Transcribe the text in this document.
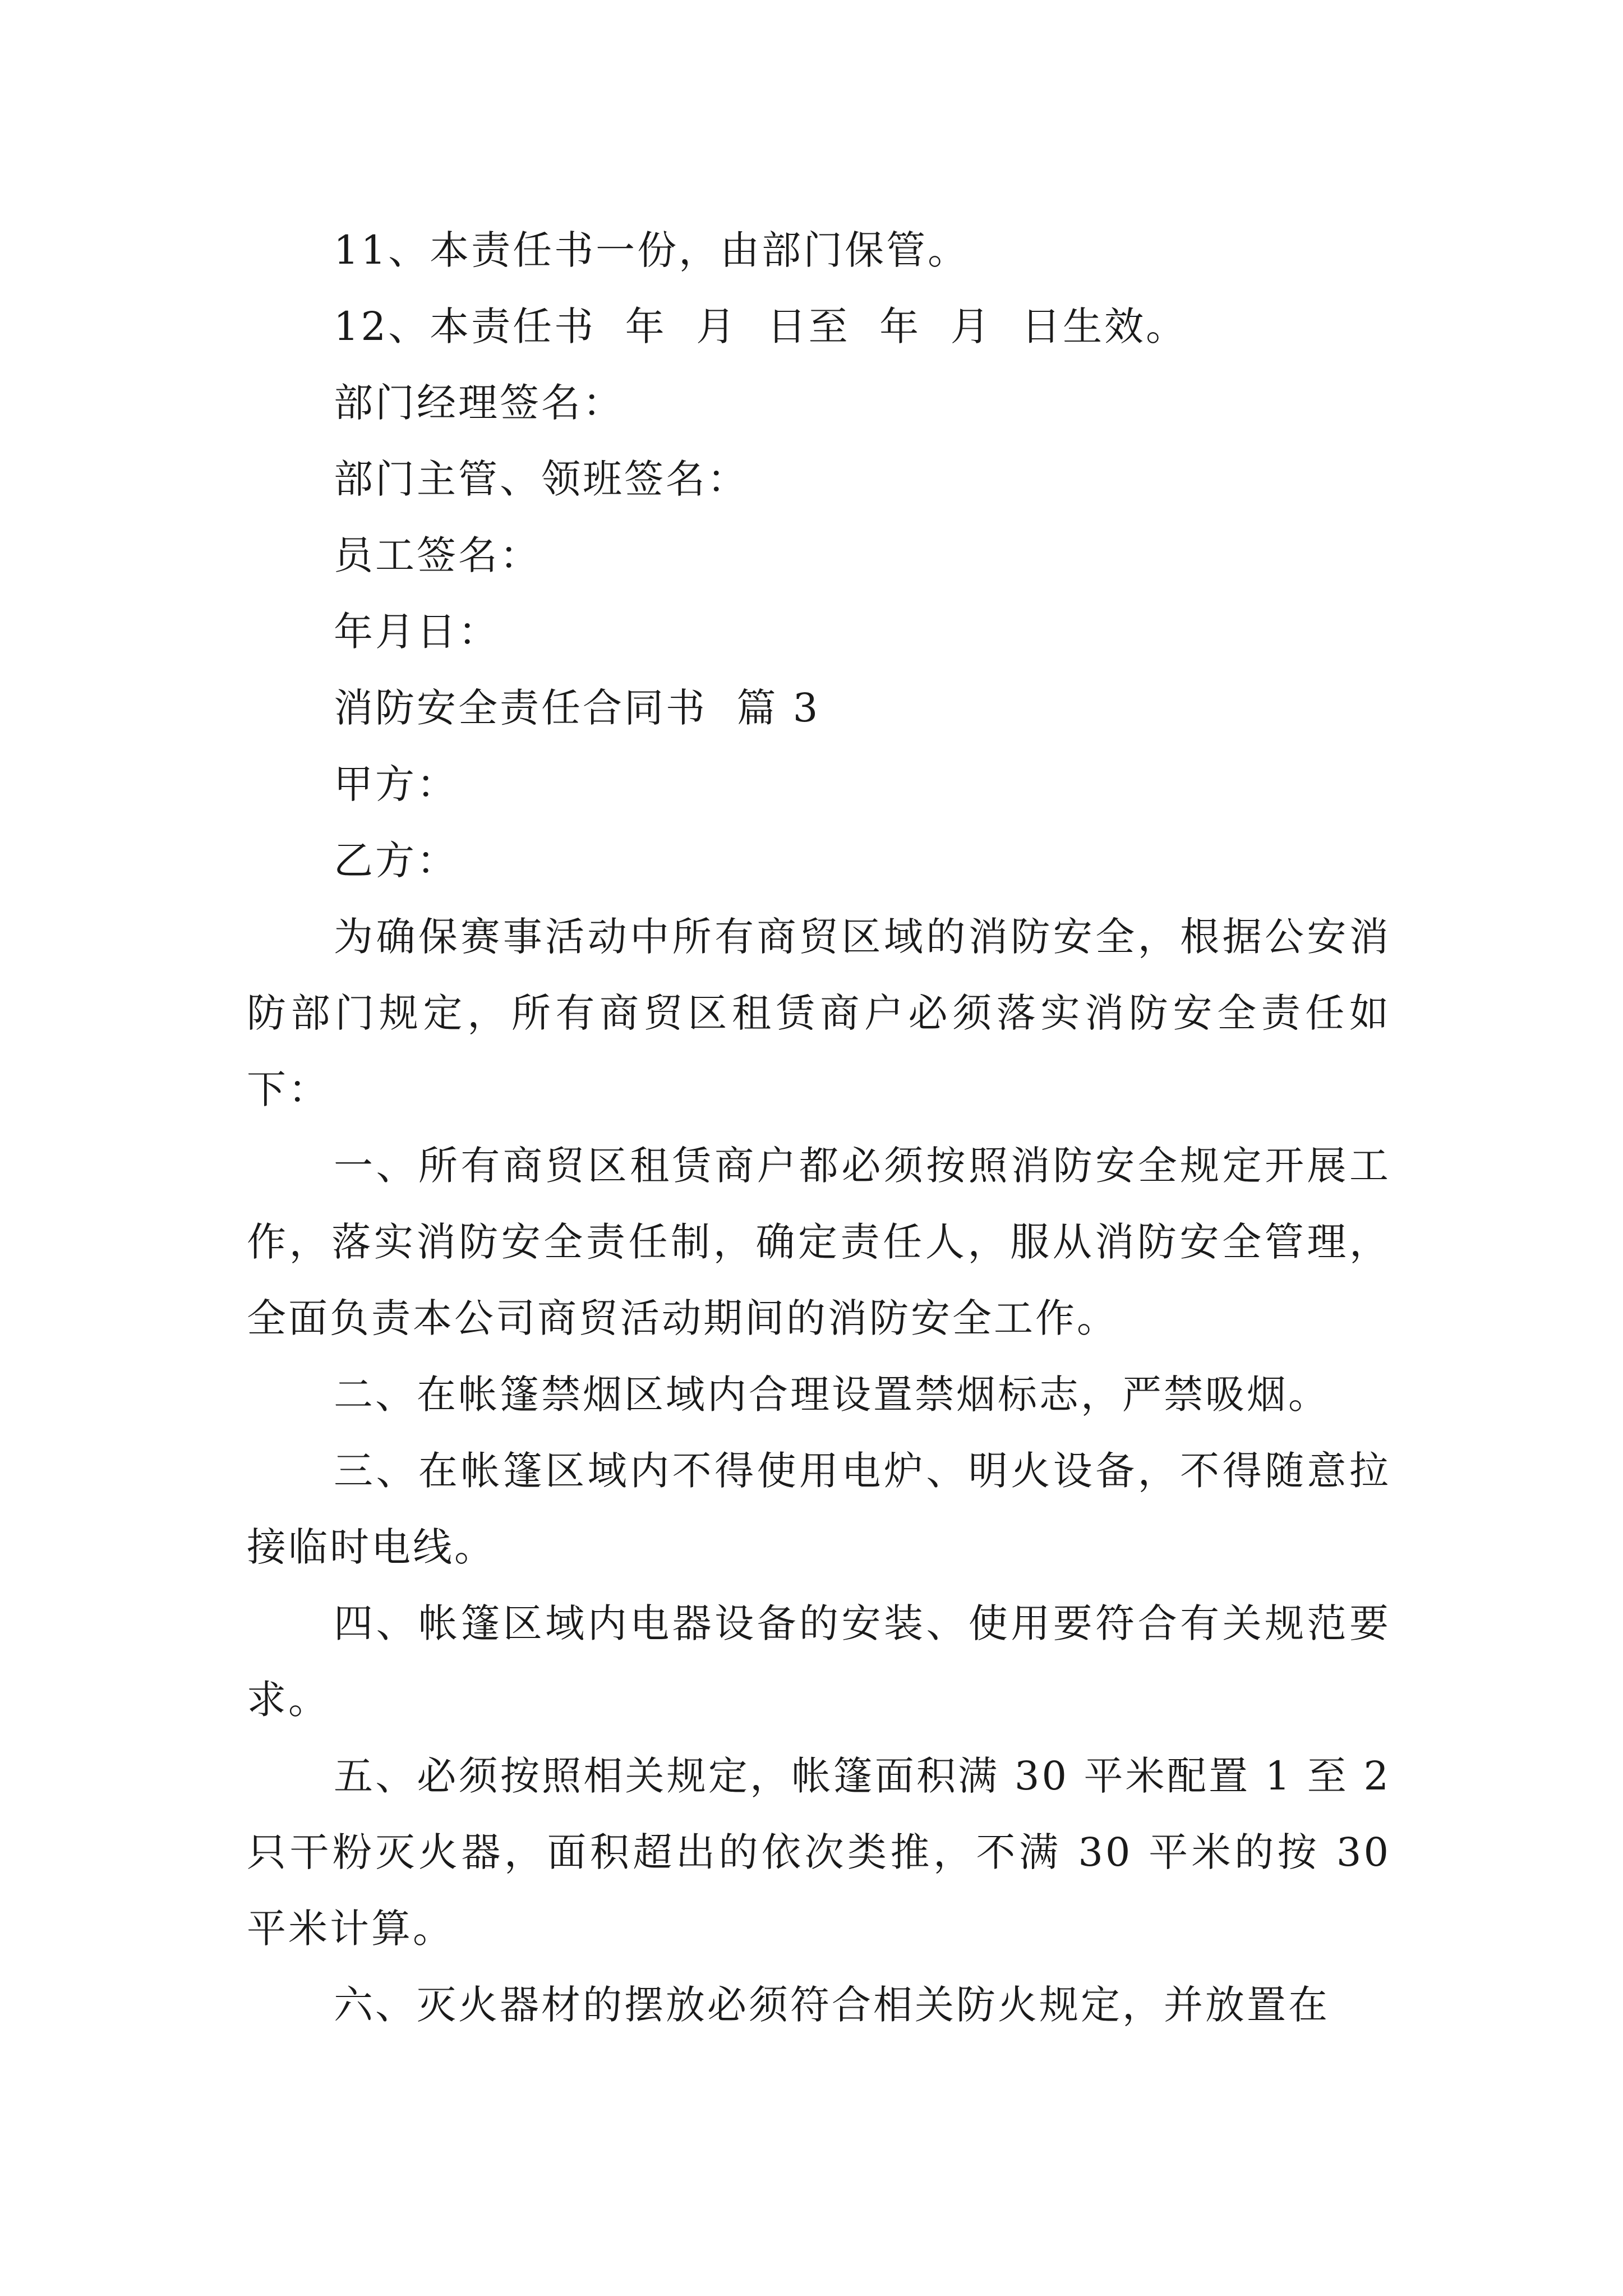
11、本责任书一份，由部门保管。

12、本责任书  年  月  日至  年  月  日生效。

部门经理签名：

部门主管、领班签名：

员工签名：

年月日：

消防安全责任合同书  篇 3

甲方：

乙方：

为确保赛事活动中所有商贸区域的消防安全，根据公安消防部门规定，所有商贸区租赁商户必须落实消防安全责任如下：

一、所有商贸区租赁商户都必须按照消防安全规定开展工作，落实消防安全责任制，确定责任人，服从消防安全管理，全面负责本公司商贸活动期间的消防安全工作。

二、在帐篷禁烟区域内合理设置禁烟标志，严禁吸烟。

三、在帐篷区域内不得使用电炉、明火设备，不得随意拉接临时电线。

四、帐篷区域内电器设备的安装、使用要符合有关规范要求。

五、必须按照相关规定，帐篷面积满 30 平米配置 1 至 2 只干粉灭火器，面积超出的依次类推，不满 30 平米的按 30 平米计算。

六、灭火器材的摆放必须符合相关防火规定，并放置在
